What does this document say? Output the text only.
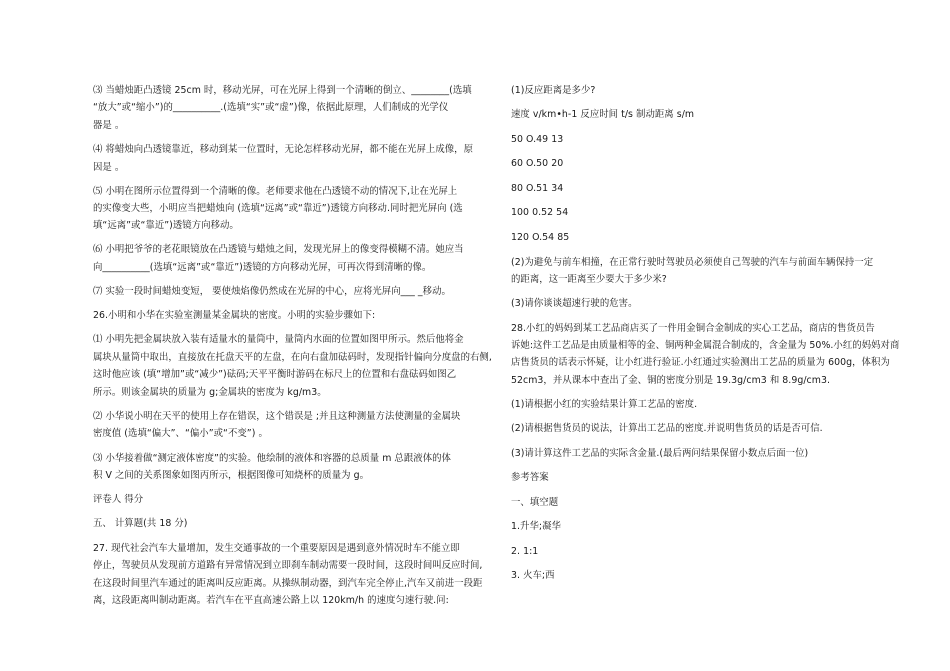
⑶ 当蜡烛距凸透镜 25cm 时，移动光屏，可在光屏上得到一个清晰的倒立、________(选填
“放大”或“缩小”)的__________.(选填“实”或“虚”)像，依据此原理，人们制成的光学仪
器是 。
⑷ 将蜡烛向凸透镜靠近，移动到某一位置时，无论怎样移动光屏，都不能在光屏上成像，原
因是 。
⑸ 小明在图所示位置得到一个清晰的像。老师要求他在凸透镜不动的情况下,让在光屏上
的实像变大些，小明应当把蜡烛向 (选填“远离”或“靠近”)透镜方向移动.同时把光屏向 (选
填“远离”或“靠近”)透镜方向移动。
⑹ 小明把爷爷的老花眼镜放在凸透镜与蜡烛之间，发现光屏上的像变得模糊不清。她应当
向__________(选填“远离”或“靠近”)透镜的方向移动光屏，可再次得到清晰的像。
⑺ 实验一段时间蜡烛变短， 要使烛焰像仍然成在光屏的中心，应将光屏向___ _移动。
26.小明和小华在实验室测量某金属块的密度。小明的实验步骤如下:
⑴ 小明先把金属块放入装有适量水的量筒中，量筒内水面的位置如图甲所示。然后他将金
属块从量筒中取出，直接放在托盘天平的左盘，在向右盘加砝码时，发现指针偏向分度盘的右侧,
这时他应该 (填“增加”或“减少”)砝码;天平平衡时游码在标尺上的位置和右盘砝码如图乙
所示。则该金属块的质量为 g;金属块的密度为 kg/m3。
⑵ 小华说小明在天平的使用上存在错误，这个错误是 ;并且这种测量方法使测量的金属块
密度值 (选填“偏大”、“偏小”或“不变”) 。
⑶ 小华接着做“测定液体密度”的实验。他绘制的液体和容器的总质量 m 总跟液体的体
积 V 之间的关系图象如图丙所示，根据图像可知烧杯的质量为 g。
评卷人 得分
五、 计算题(共 18 分)
27. 现代社会汽车大量增加，发生交通事故的一个重要原因是遇到意外情况时车不能立即
停止，驾驶员从发现前方道路有异常情况到立即刹车制动需要一段时间，这段时间叫反应时间,
在这段时间里汽车通过的距离叫反应距离。从操纵制动器，到汽车完全停止,汽车又前进一段距
离，这段距离叫制动距离。若汽车在平直高速公路上以 120km/h 的速度匀速行驶.问:
(1)反应距离是多少?
速度 v/km•h-1 反应时间 t/s 制动距离 s/m
50 O.49 13
60 O.50 20
80 O.51 34
100 0.52 54
120 O.54 85
(2)为避免与前车相撞，在正常行驶时驾驶员必须使自己驾驶的汽车与前面车辆保持一定
的距离，这一距离至少要大于多少米?
(3)请你谈谈超速行驶的危害。
28.小红的妈妈到某工艺品商店买了一件用金铜合金制成的实心工艺品，商店的售货员告
诉她:这件工艺品是由质量相等的金、铜两种金属混合制成的，含金量为 50%.小红的妈妈对商
店售货员的话表示怀疑，让小红进行验证.小红通过实验测出工艺品的质量为 600g，体积为
52cm3，并从课本中查出了金、铜的密度分别是 19.3g/cm3 和 8.9g/cm3.
(1)请根据小红的实验结果计算工艺品的密度.
(2)请根据售货员的说法，计算出工艺品的密度.并说明售货员的话是否可信.
(3)请计算这件工艺品的实际含金量.(最后两问结果保留小数点后面一位)
参考答案
一、填空题
1.升华;凝华
2. 1:1
3. 火车;西
